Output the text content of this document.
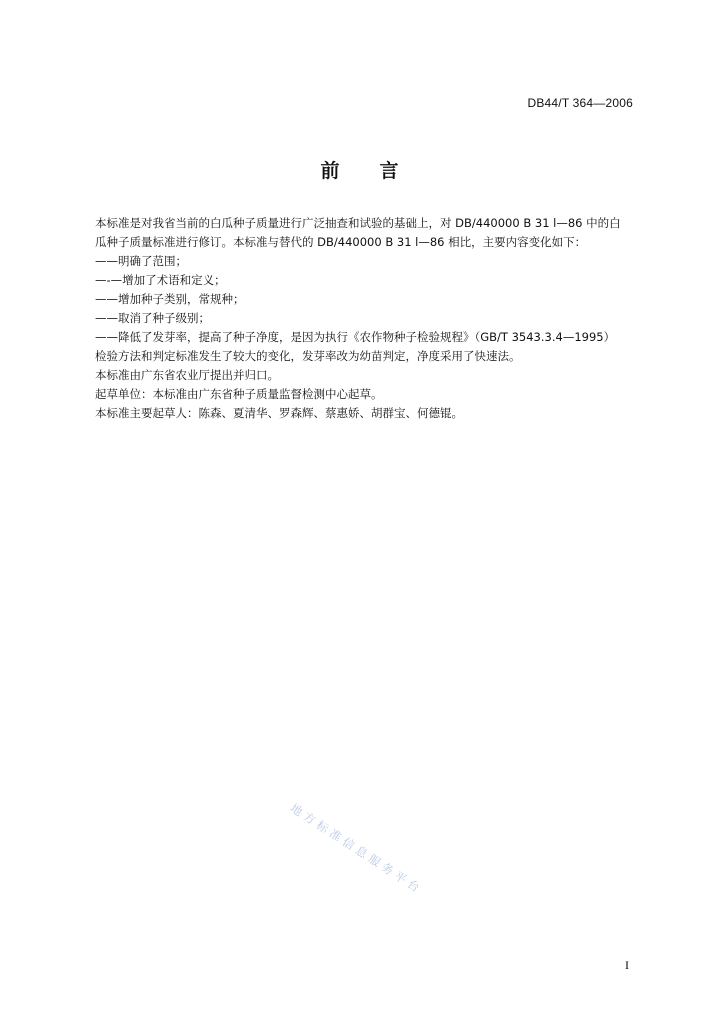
DB44/T 364—2006
前 言

本标准是对我省当前的白瓜种子质量进行广泛抽查和试验的基础上，对 DB/440000 B 31 l—86 中的白

瓜种子质量标准进行修订。本标准与替代的 DB/440000 B 31 l—86 相比，主要内容变化如下：

——明确了范围；

—-—增加了术语和定义；

——增加种子类别，常规种；

——取消了种子级别；

——降低了发芽率，提高了种子净度，是因为执行《农作物种子检验规程》（GB/T 3543.3.4—1995）

检验方法和判定标准发生了较大的变化，发芽率改为幼苗判定，净度采用了快速法。

本标准由广东省农业厅提出并归口。

起草单位：本标准由广东省种子质量监督检测中心起草。

本标准主要起草人：陈森、夏清华、罗森辉、蔡惠娇、胡群宝、何德锟。

地方标准信息服务平台
I
